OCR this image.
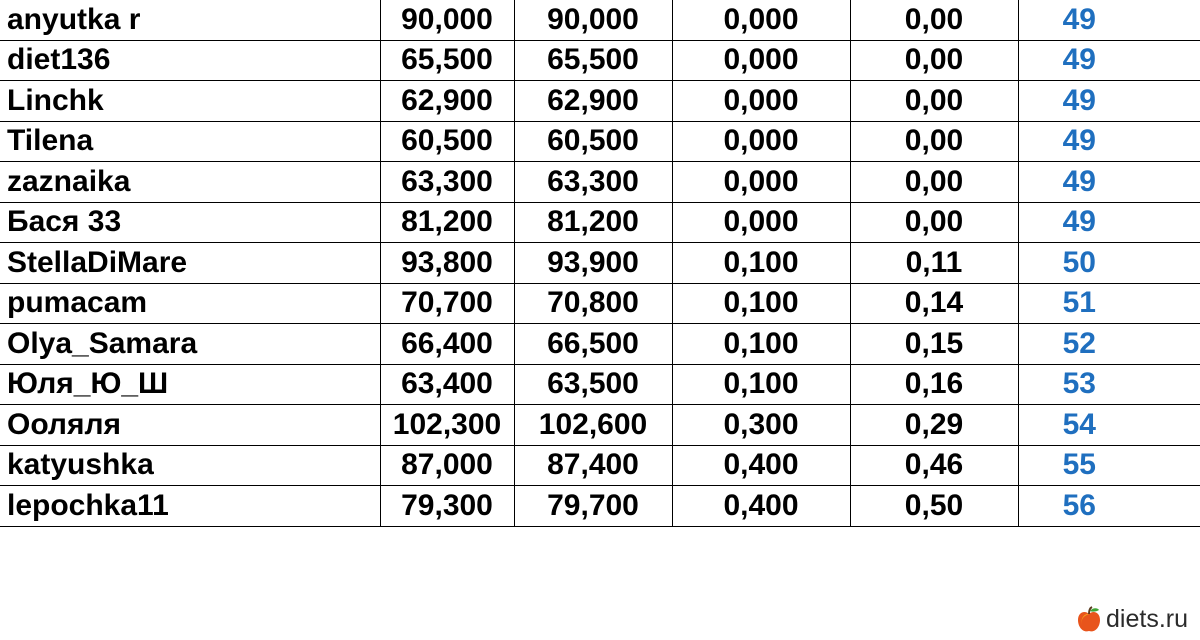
anyutka r	90,000	90,000	0,000	0,00	49
diet136	65,500	65,500	0,000	0,00	49
Linchk	62,900	62,900	0,000	0,00	49
Tilena	60,500	60,500	0,000	0,00	49
zaznaika	63,300	63,300	0,000	0,00	49
Бася 33	81,200	81,200	0,000	0,00	49
StellaDiMare	93,800	93,900	0,100	0,11	50
pumacam	70,700	70,800	0,100	0,14	51
Olya_Samara	66,400	66,500	0,100	0,15	52
Юля_Ю_Ш	63,400	63,500	0,100	0,16	53
Ооляля	102,300	102,600	0,300	0,29	54
katyushka	87,000	87,400	0,400	0,46	55
lepochka11	79,300	79,700	0,400	0,50	56
diets.ru
